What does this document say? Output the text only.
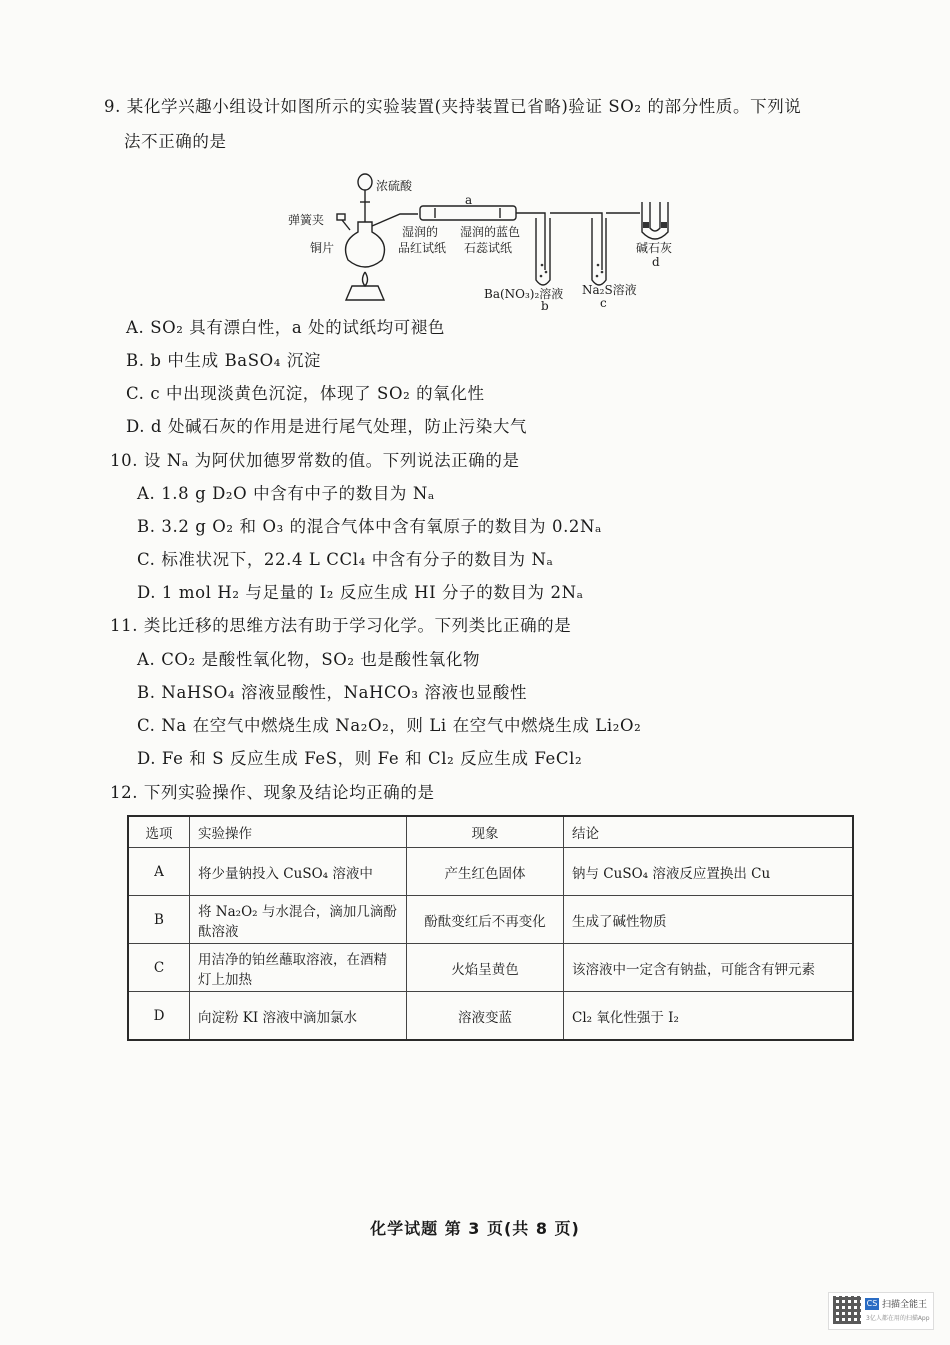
9. 某化学兴趣小组设计如图所示的实验装置(夹持装置已省略)验证 SO₂ 的部分性质。下列说
法不正确的是
浓硫酸
弹簧夹
铜片
a
湿润的
品红试纸
湿润的蓝色
石蕊试纸
Ba(NO₃)₂溶液
b
Na₂S溶液
c
碱石灰
d
A. SO₂ 具有漂白性，a 处的试纸均可褪色
B. b 中生成 BaSO₄ 沉淀
C. c 中出现淡黄色沉淀，体现了 SO₂ 的氧化性
D. d 处碱石灰的作用是进行尾气处理，防止污染大气
10. 设 Nₐ 为阿伏加德罗常数的值。下列说法正确的是
A. 1.8 g D₂O 中含有中子的数目为 Nₐ
B. 3.2 g O₂ 和 O₃ 的混合气体中含有氧原子的数目为 0.2Nₐ
C. 标准状况下，22.4 L CCl₄ 中含有分子的数目为 Nₐ
D. 1 mol H₂ 与足量的 I₂ 反应生成 HI 分子的数目为 2Nₐ
11. 类比迁移的思维方法有助于学习化学。下列类比正确的是
A. CO₂ 是酸性氧化物，SO₂ 也是酸性氧化物
B. NaHSO₄ 溶液显酸性，NaHCO₃ 溶液也显酸性
C. Na 在空气中燃烧生成 Na₂O₂，则 Li 在空气中燃烧生成 Li₂O₂
D. Fe 和 S 反应生成 FeS，则 Fe 和 Cl₂ 反应生成 FeCl₂
12. 下列实验操作、现象及结论均正确的是
选项	实验操作	现象	结论
A	将少量钠投入 CuSO₄ 溶液中	产生红色固体	钠与 CuSO₄ 溶液反应置换出 Cu
B	将 Na₂O₂ 与水混合，滴加几滴酚酞溶液	酚酞变红后不再变化	生成了碱性物质
C	用洁净的铂丝蘸取溶液，在酒精灯上加热	火焰呈黄色	该溶液中一定含有钠盐，可能含有钾元素
D	向淀粉 KI 溶液中滴加氯水	溶液变蓝	Cl₂ 氧化性强于 I₂
化学试题 第 3 页(共 8 页)
CS 扫描全能王
3亿人都在用的扫描App
